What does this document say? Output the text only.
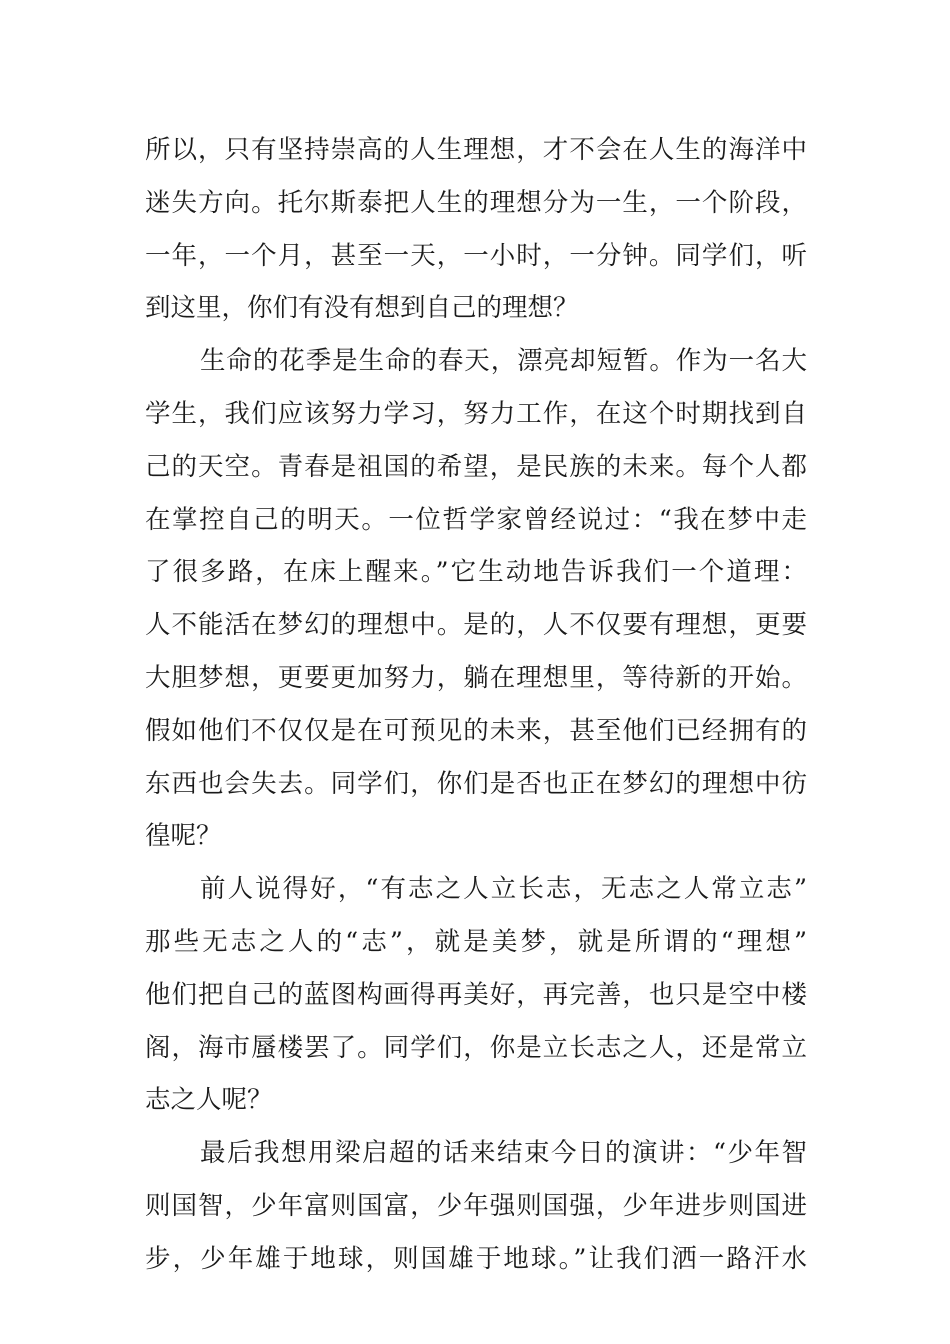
所以，只有坚持崇高的人生理想，才不会在人生的海洋中
迷失方向。托尔斯泰把人生的理想分为一生，一个阶段，
一年，一个月，甚至一天，一小时，一分钟。同学们，听
到这里，你们有没有想到自己的理想？
生命的花季是生命的春天，漂亮却短暂。作为一名大
学生，我们应该努力学习，努力工作，在这个时期找到自
己的天空。青春是祖国的希望，是民族的未来。每个人都
在掌控自己的明天。一位哲学家曾经说过：“我在梦中走
了很多路，在床上醒来。”它生动地告诉我们一个道理：
人不能活在梦幻的理想中。是的，人不仅要有理想，更要
大胆梦想，更要更加努力，躺在理想里，等待新的开始。
假如他们不仅仅是在可预见的未来，甚至他们已经拥有的
东西也会失去。同学们，你们是否也正在梦幻的理想中彷
徨呢？
前人说得好，“有志之人立长志，无志之人常立志”
那些无志之人的“志”，就是美梦，就是所谓的“理想”
他们把自己的蓝图构画得再美好，再完善，也只是空中楼
阁，海市蜃楼罢了。同学们，你是立长志之人，还是常立
志之人呢？
最后我想用梁启超的话来结束今日的演讲：“少年智
则国智，少年富则国富，少年强则国强，少年进步则国进
步，少年雄于地球，则国雄于地球。”让我们洒一路汗水
